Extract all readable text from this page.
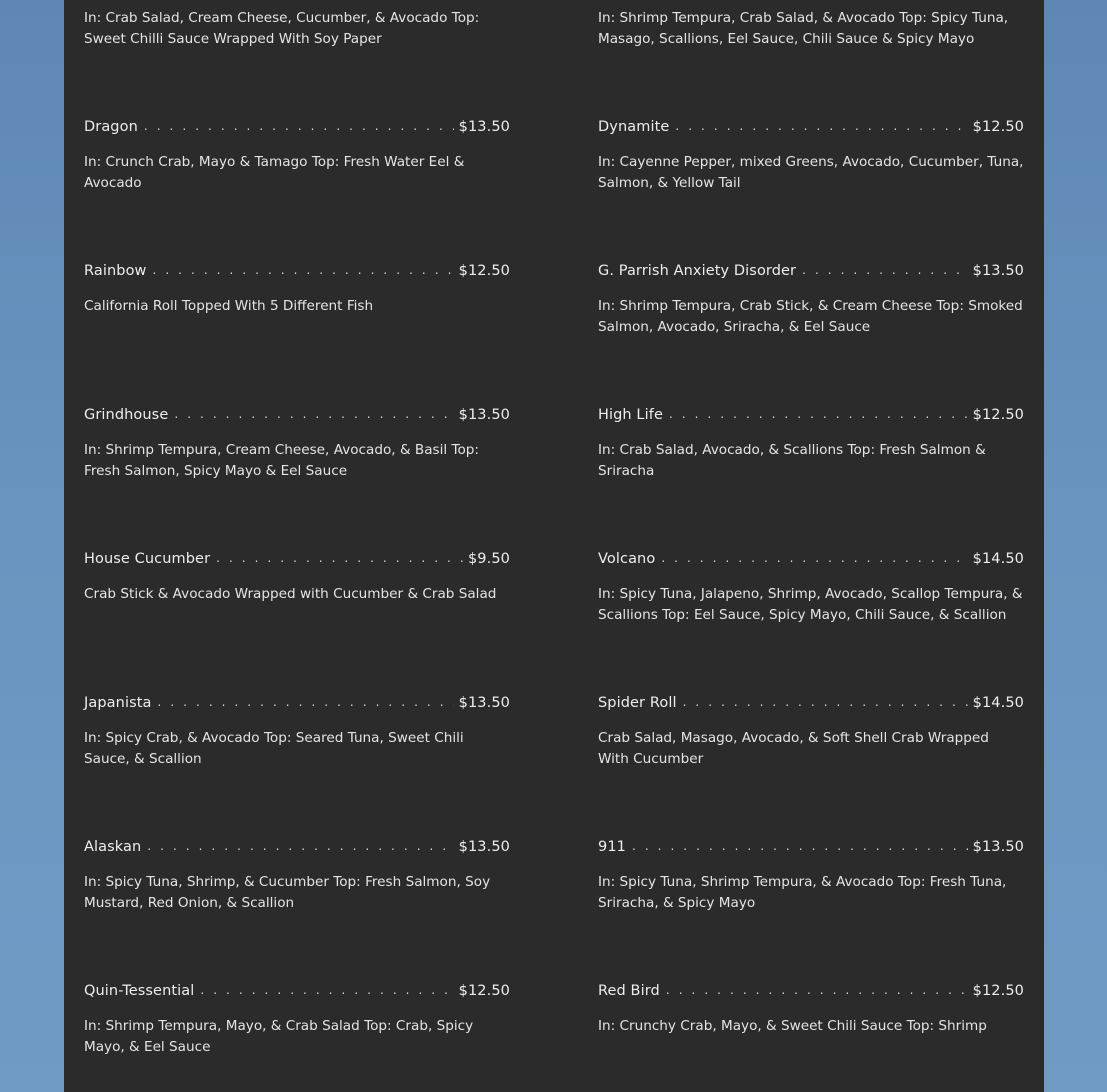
In: Crab Salad, Cream Cheese, Cucumber, & Avocado Top: Sweet Chilli Sauce Wrapped With Soy Paper
Dragon . . .	$13.50
In: Crunch Crab, Mayo & Tamago Top: Fresh Water Eel & Avocado
Rainbow . . .	$12.50
California Roll Topped With 5 Different Fish
Grindhouse . . .	$13.50
In: Shrimp Tempura, Cream Cheese, Avocado, & Basil Top: Fresh Salmon, Spicy Mayo & Eel Sauce
House Cucumber . . .	$9.50
Crab Stick & Avocado Wrapped with Cucumber & Crab Salad
Japanista . . .	$13.50
In: Spicy Crab, & Avocado Top: Seared Tuna, Sweet Chili Sauce, & Scallion
Alaskan . . .	$13.50
In: Spicy Tuna, Shrimp, & Cucumber Top: Fresh Salmon, Soy Mustard, Red Onion, & Scallion
Quin-Tessential . . .	$12.50
In: Shrimp Tempura, Mayo, & Crab Salad Top: Crab, Spicy Mayo, & Eel Sauce
In: Shrimp Tempura, Crab Salad, & Avocado Top: Spicy Tuna, Masago, Scallions, Eel Sauce, Chili Sauce & Spicy Mayo
Dynamite . . .	$12.50
In: Cayenne Pepper, mixed Greens, Avocado, Cucumber, Tuna, Salmon, & Yellow Tail
G. Parrish Anxiety Disorder . . .	$13.50
In: Shrimp Tempura, Crab Stick, & Cream Cheese Top: Smoked Salmon, Avocado, Sriracha, & Eel Sauce
High Life . . .	$12.50
In: Crab Salad, Avocado, & Scallions Top: Fresh Salmon & Sriracha
Volcano . . .	$14.50
In: Spicy Tuna, Jalapeno, Shrimp, Avocado, Scallop Tempura, & Scallions Top: Eel Sauce, Spicy Mayo, Chili Sauce, & Scallion
Spider Roll . . .	$14.50
Crab Salad, Masago, Avocado, & Soft Shell Crab Wrapped With Cucumber
911 . . .	$13.50
In: Spicy Tuna, Shrimp Tempura, & Avocado Top: Fresh Tuna, Sriracha, & Spicy Mayo
Red Bird . . .	$12.50
In: Crunchy Crab, Mayo, & Sweet Chili Sauce Top: Shrimp
